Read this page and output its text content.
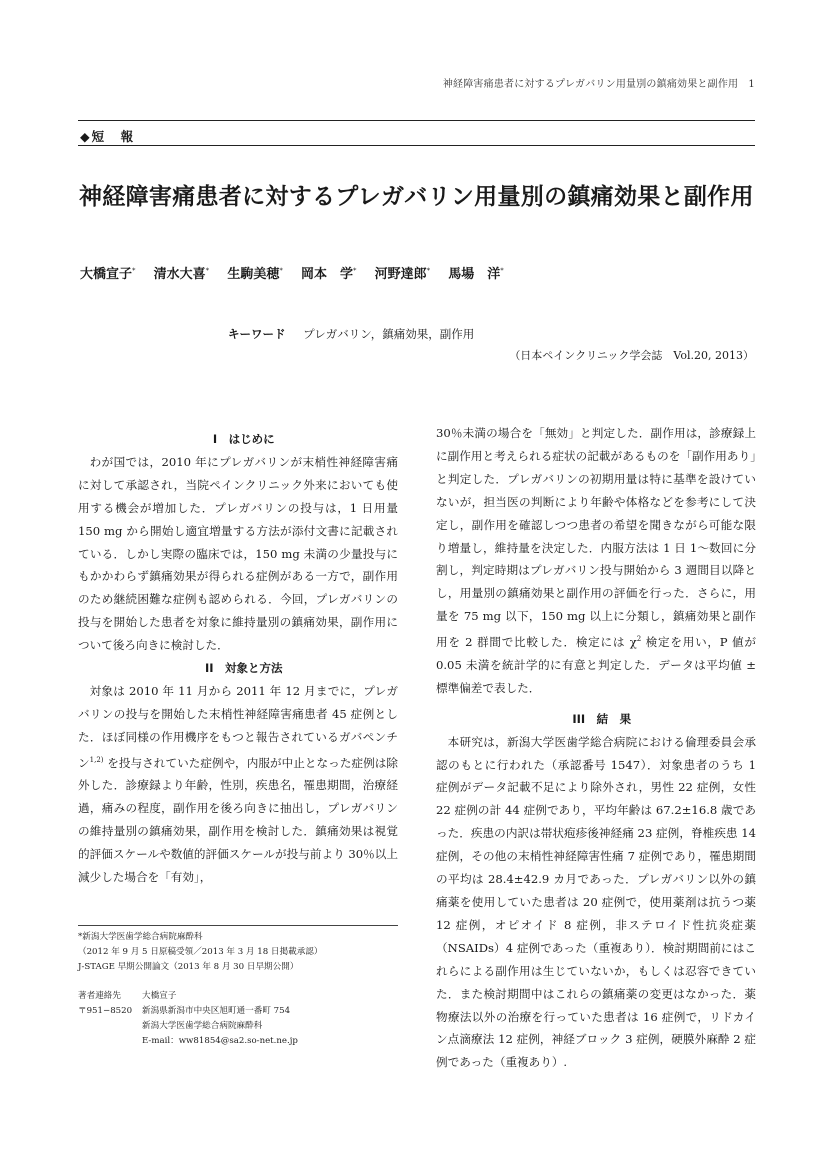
神経障害痛患者に対するプレガバリン用量別の鎮痛効果と副作用　1
◆短　報
神経障害痛患者に対するプレガバリン用量別の鎮痛効果と副作用
大橋宣子* 清水大喜* 生駒美穂* 岡本　学* 河野達郎* 馬場　洋*
キーワード プレガバリン，鎮痛効果，副作用
（日本ペインクリニック学会誌　Vol.20, 2013）

I　はじめに

わが国では，2010 年にプレガバリンが末梢性神経障害痛に対して承認され，当院ペインクリニック外来においても使用する機会が増加した．プレガバリンの投与は，1 日用量 150 mg から開始し適宜増量する方法が添付文書に記載されている．しかし実際の臨床では，150 mg 未満の少量投与にもかかわらず鎮痛効果が得られる症例がある一方で，副作用のため継続困難な症例も認められる．今回，プレガバリンの投与を開始した患者を対象に維持量別の鎮痛効果，副作用について後ろ向きに検討した．

II　対象と方法

対象は 2010 年 11 月から 2011 年 12 月までに，プレガバリンの投与を開始した末梢性神経障害痛患者 45 症例とした．ほぼ同様の作用機序をもつと報告されているガバペンチン$^{1,2)}$ を投与されていた症例や，内服が中止となった症例は除外した．診療録より年齢，性別，疾患名，罹患期間，治療経過，痛みの程度，副作用を後ろ向きに抽出し，プレガバリンの維持量別の鎮痛効果，副作用を検討した．鎮痛効果は視覚的評価スケールや数値的評価スケールが投与前より 30％以上減少した場合を「有効」，

30％未満の場合を「無効」と判定した．副作用は，診療録上に副作用と考えられる症状の記載があるものを「副作用あり」と判定した．プレガバリンの初期用量は特に基準を設けていないが，担当医の判断により年齢や体格などを参考にして決定し，副作用を確認しつつ患者の希望を聞きながら可能な限り増量し，維持量を決定した．内服方法は 1 日 1〜数回に分割し，判定時期はプレガバリン投与開始から 3 週間目以降とし，用量別の鎮痛効果と副作用の評価を行った．さらに，用量を 75 mg 以下，150 mg 以上に分類し，鎮痛効果と副作用を 2 群間で比較した．検定には $\chi^2$ 検定を用い，P 値が 0.05 未満を統計学的に有意と判定した．データは平均値 ± 標準偏差で表した．

III　結　果

本研究は，新潟大学医歯学総合病院における倫理委員会承認のもとに行われた（承認番号 1547）．対象患者のうち 1 症例がデータ記載不足により除外され，男性 22 症例，女性 22 症例の計 44 症例であり，平均年齢は 67.2±16.8 歳であった．疾患の内訳は帯状疱疹後神経痛 23 症例，脊椎疾患 14 症例，その他の末梢性神経障害性痛 7 症例であり，罹患期間の平均は 28.4±42.9 カ月であった．プレガバリン以外の鎮痛薬を使用していた患者は 20 症例で，使用薬剤は抗うつ薬 12 症例，オピオイド 8 症例，非ステロイド性抗炎症薬（NSAIDs）4 症例であった（重複あり）．検討期間前にはこれらによる副作用は生じていないか，もしくは忍容できていた．また検討期間中はこれらの鎮痛薬の変更はなかった．薬物療法以外の治療を行っていた患者は 16 症例で，リドカイン点滴療法 12 症例，神経ブロック 3 症例，硬膜外麻酔 2 症例であった（重複あり）.

*新潟大学医歯学総合病院麻酔科
（2012 年 9 月 5 日原稿受領／2013 年 3 月 18 日掲載承認）
J-STAGE 早期公開論文（2013 年 8 月 30 日早期公開）
著者連絡先	大橋宣子
〒951−8520	新潟県新潟市中央区旭町通一番町 754
新潟大学医歯学総合病院麻酔科
E-mail：ww81854@sa2.so-net.ne.jp
